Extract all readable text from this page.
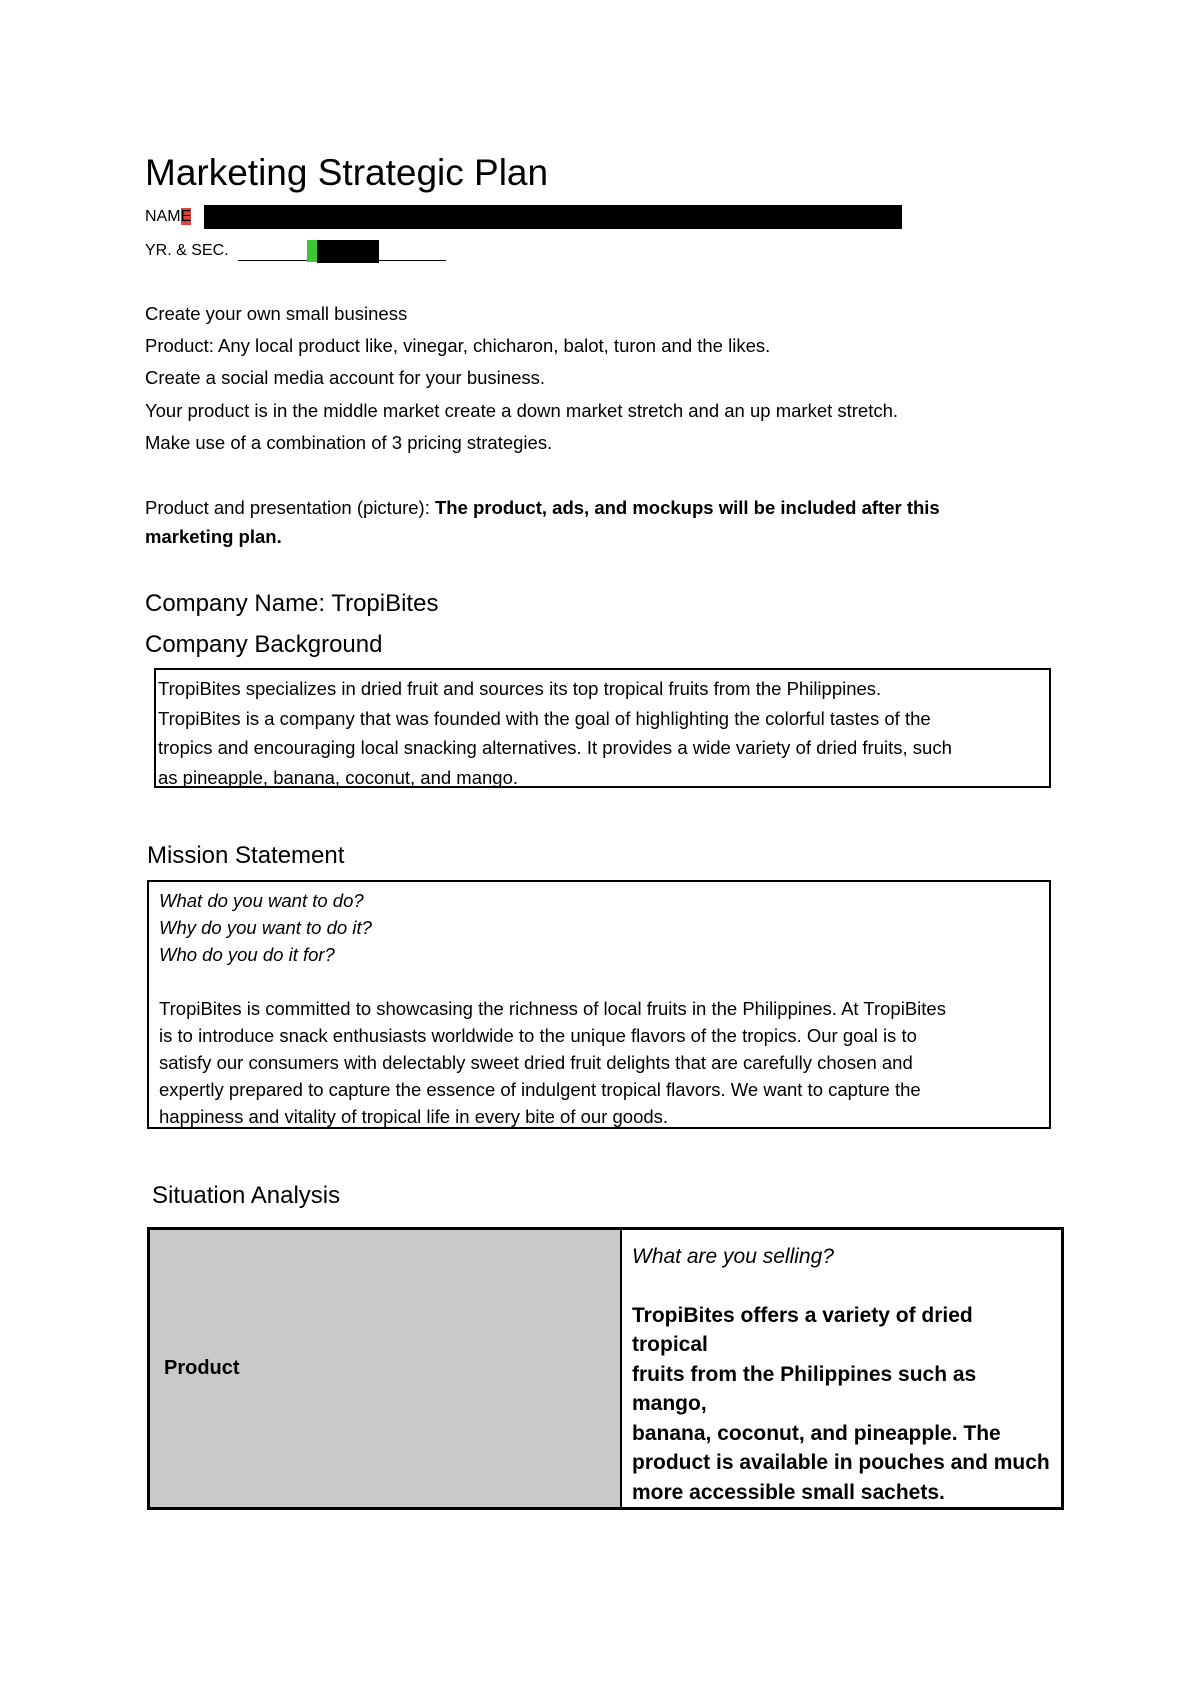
Marketing Strategic Plan
NAME
YR. & SEC.
Create your own small business
Product: Any local product like, vinegar, chicharon, balot, turon and the likes.
Create a social media account for your business.
Your product is in the middle market create a down market stretch and an up market stretch.
Make use of a combination of 3 pricing strategies.
Product and presentation (picture): The product, ads, and mockups will be included after this
marketing plan.
Company Name: TropiBites
Company Background
TropiBites specializes in dried fruit and sources its top tropical fruits from the Philippines.
TropiBites is a company that was founded with the goal of highlighting the colorful tastes of the
tropics and encouraging local snacking alternatives. It provides a wide variety of dried fruits, such
as pineapple, banana, coconut, and mango.
Mission Statement
What do you want to do?
Why do you want to do it?
Who do you do it for?
TropiBites is committed to showcasing the richness of local fruits in the Philippines. At TropiBites
is to introduce snack enthusiasts worldwide to the unique flavors of the tropics. Our goal is to
satisfy our consumers with delectably sweet dried fruit delights that are carefully chosen and
expertly prepared to capture the essence of indulgent tropical flavors. We want to capture the
happiness and vitality of tropical life in every bite of our goods.
Situation Analysis
Product	
What are you selling?
TropiBites offers a variety of dried tropical
fruits from the Philippines such as mango,
banana, coconut, and pineapple. The
product is available in pouches and much
more accessible small sachets.
